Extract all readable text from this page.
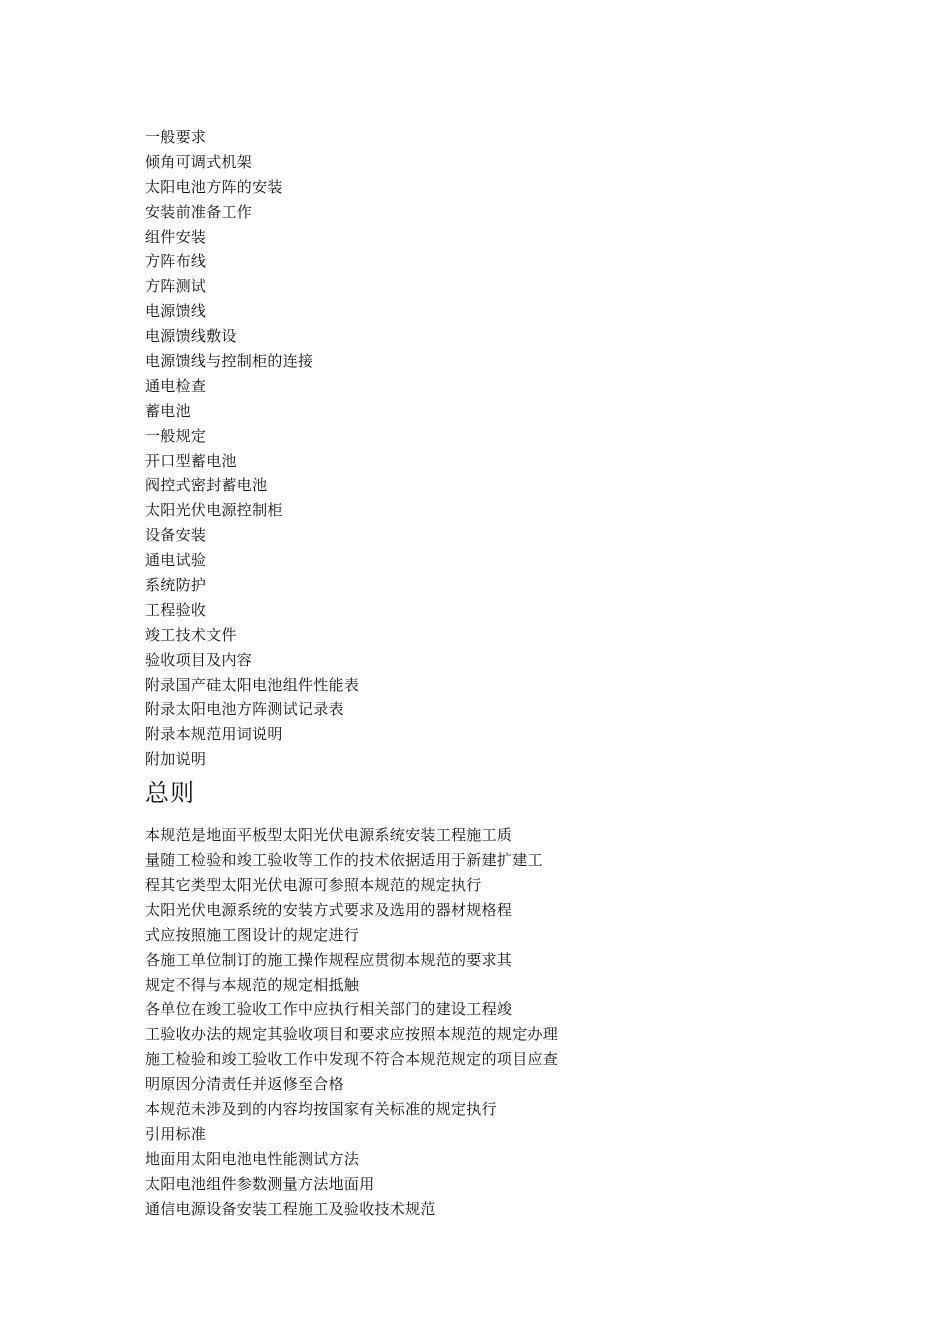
一般要求
倾角可调式机架
太阳电池方阵的安装
安装前准备工作
组件安装
方阵布线
方阵测试
电源馈线
电源馈线敷设
电源馈线与控制柜的连接
通电检查
蓄电池
一般规定
开口型蓄电池
阀控式密封蓄电池
太阳光伏电源控制柜
设备安装
通电试验
系统防护
工程验收
竣工技术文件
验收项目及内容
附录国产硅太阳电池组件性能表
附录太阳电池方阵测试记录表
附录本规范用词说明
附加说明
总则
本规范是地面平板型太阳光伏电源系统安装工程施工质
量随工检验和竣工验收等工作的技术依据适用于新建扩建工
程其它类型太阳光伏电源可参照本规范的规定执行
太阳光伏电源系统的安装方式要求及选用的器材规格程
式应按照施工图设计的规定进行
各施工单位制订的施工操作规程应贯彻本规范的要求其
规定不得与本规范的规定相抵触
各单位在竣工验收工作中应执行相关部门的建设工程竣
工验收办法的规定其验收项目和要求应按照本规范的规定办理
施工检验和竣工验收工作中发现不符合本规范规定的项目应查
明原因分清责任并返修至合格
本规范未涉及到的内容均按国家有关标准的规定执行
引用标准
地面用太阳电池电性能测试方法
太阳电池组件参数测量方法地面用
通信电源设备安装工程施工及验收技术规范
